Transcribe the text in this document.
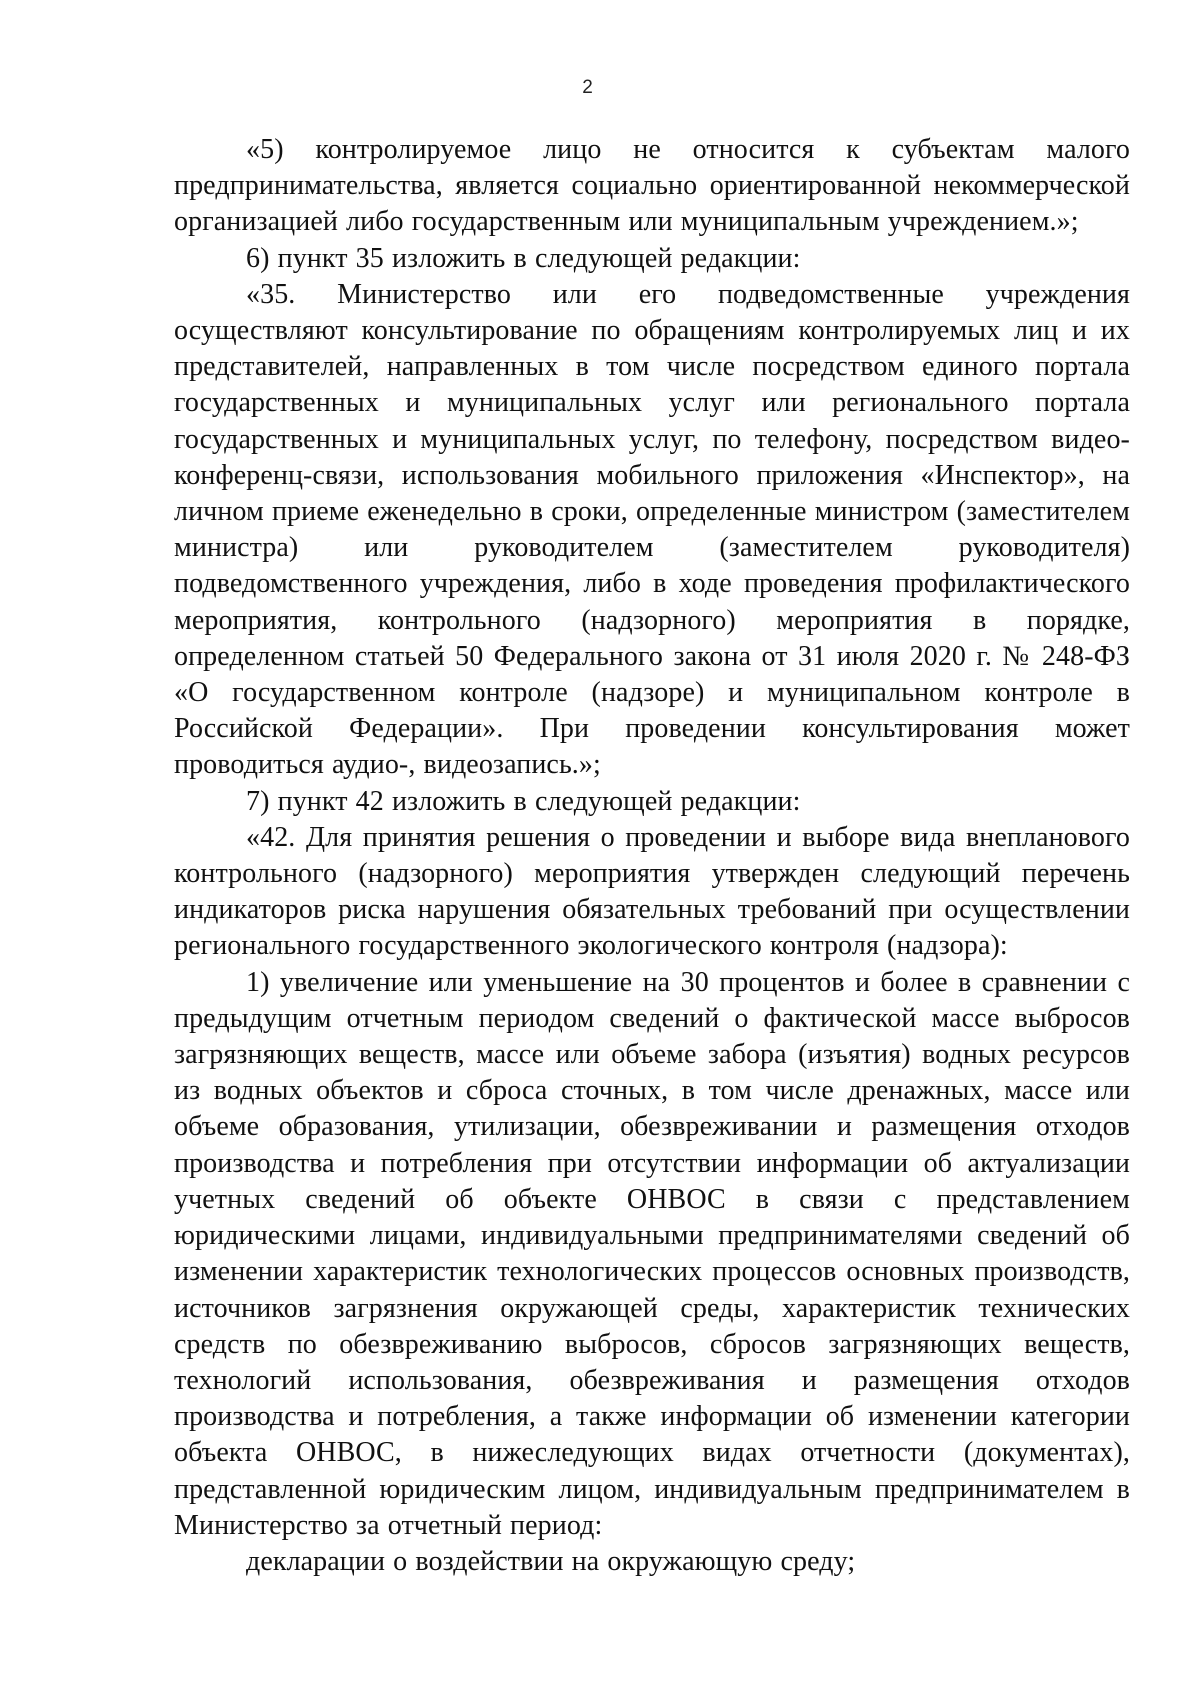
2

«5) контролируемое лицо не относится к субъектам малого предпринимательства, является социально ориентированной некоммерческой организацией либо государственным или муниципальным учреждением.»;

6) пункт 35 изложить в следующей редакции:

«35. Министерство или его подведомственные учреждения осуществляют консультирование по обращениям контролируемых лиц и их представителей, направленных в том числе посредством единого портала государственных и муниципальных услуг или регионального портала государственных и муниципальных услуг, по телефону, посредством видео-конференц-связи, использования мобильного приложения «Инспектор», на личном приеме еженедельно в сроки, определенные министром (заместителем министра) или руководителем (заместителем руководителя) подведомственного учреждения, либо в ходе проведения профилактического мероприятия, контрольного (надзорного) мероприятия в порядке, определенном статьей 50 Федерального закона от 31 июля 2020 г. № 248-ФЗ «О государственном контроле (надзоре) и муниципальном контроле в Российской Федерации». При проведении консультирования может проводиться аудио-, видеозапись.»;

7) пункт 42 изложить в следующей редакции:

«42. Для принятия решения о проведении и выборе вида внепланового контрольного (надзорного) мероприятия утвержден следующий перечень индикаторов риска нарушения обязательных требований при осуществлении регионального государственного экологического контроля (надзора):

1) увеличение или уменьшение на 30 процентов и более в сравнении с предыдущим отчетным периодом сведений о фактической массе выбросов загрязняющих веществ, массе или объеме забора (изъятия) водных ресурсов из водных объектов и сброса сточных, в том числе дренажных, массе или объеме образования, утилизации, обезвреживании и размещения отходов производства и потребления при отсутствии информации об актуализации учетных сведений об объекте ОНВОС в связи с представлением юридическими лицами, индивидуальными предпринимателями сведений об изменении характеристик технологических процессов основных производств, источников загрязнения окружающей среды, характеристик технических средств по обезвреживанию выбросов, сбросов загрязняющих веществ, технологий использования, обезвреживания и размещения отходов производства и потребления, а также информации об изменении категории объекта ОНВОС, в нижеследующих видах отчетности (документах), представленной юридическим лицом, индивидуальным предпринимателем в Министерство за отчетный период:

декларации о воздействии на окружающую среду;
